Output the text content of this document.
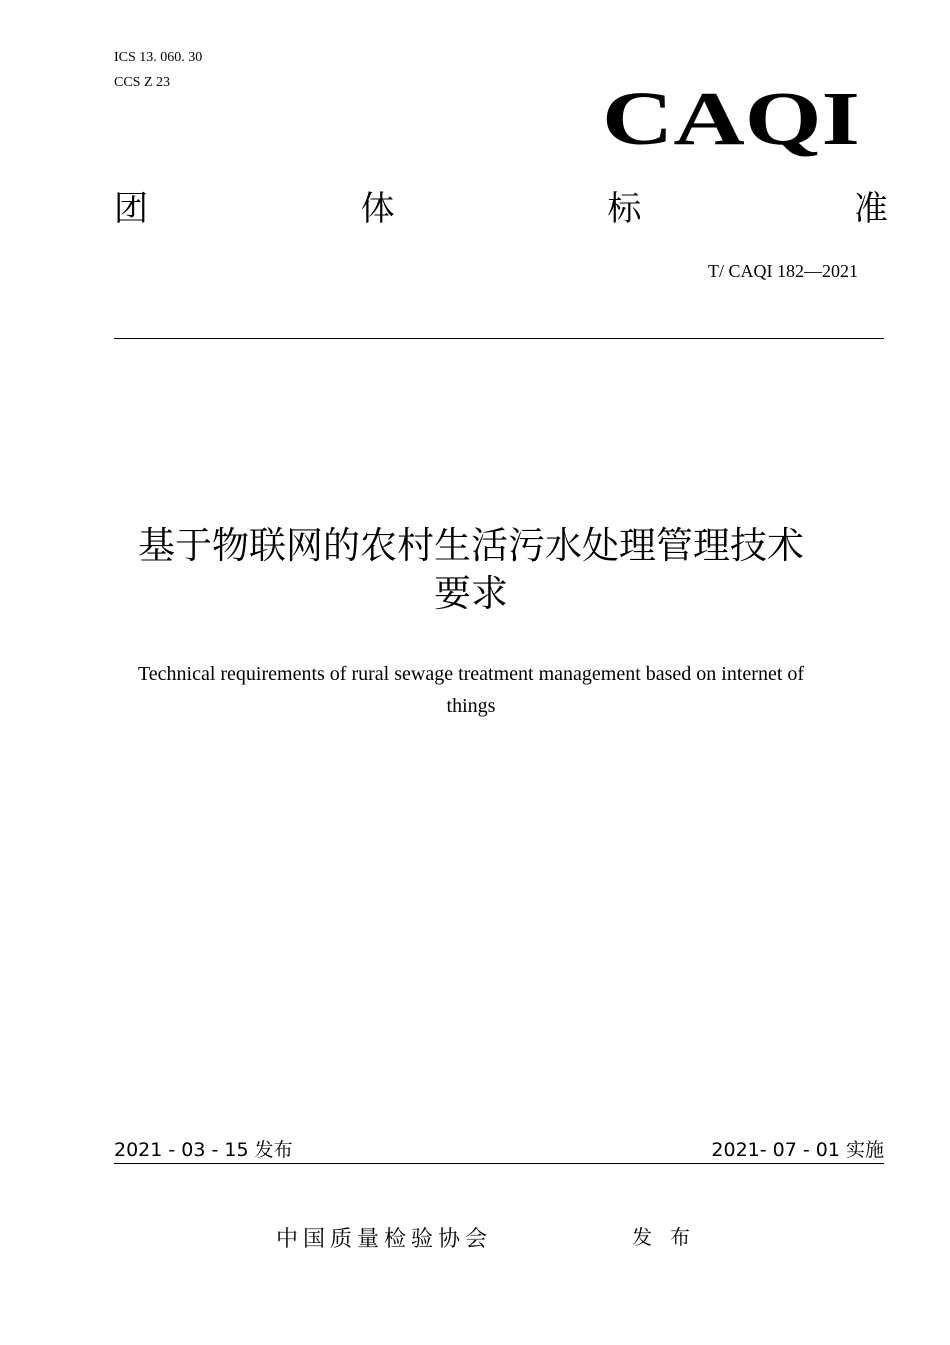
ICS 13. 060. 30
CCS Z 23	CAQI
团	体	标	准
T/ CAQI 182—2021
基于物联网的农村生活污水处理管理技术
要求
Technical requirements of rural sewage treatment management based on internet of
things
2021 - 03 - 15 发布	2021- 07 - 01 实施
中国质量检验协会	发布
